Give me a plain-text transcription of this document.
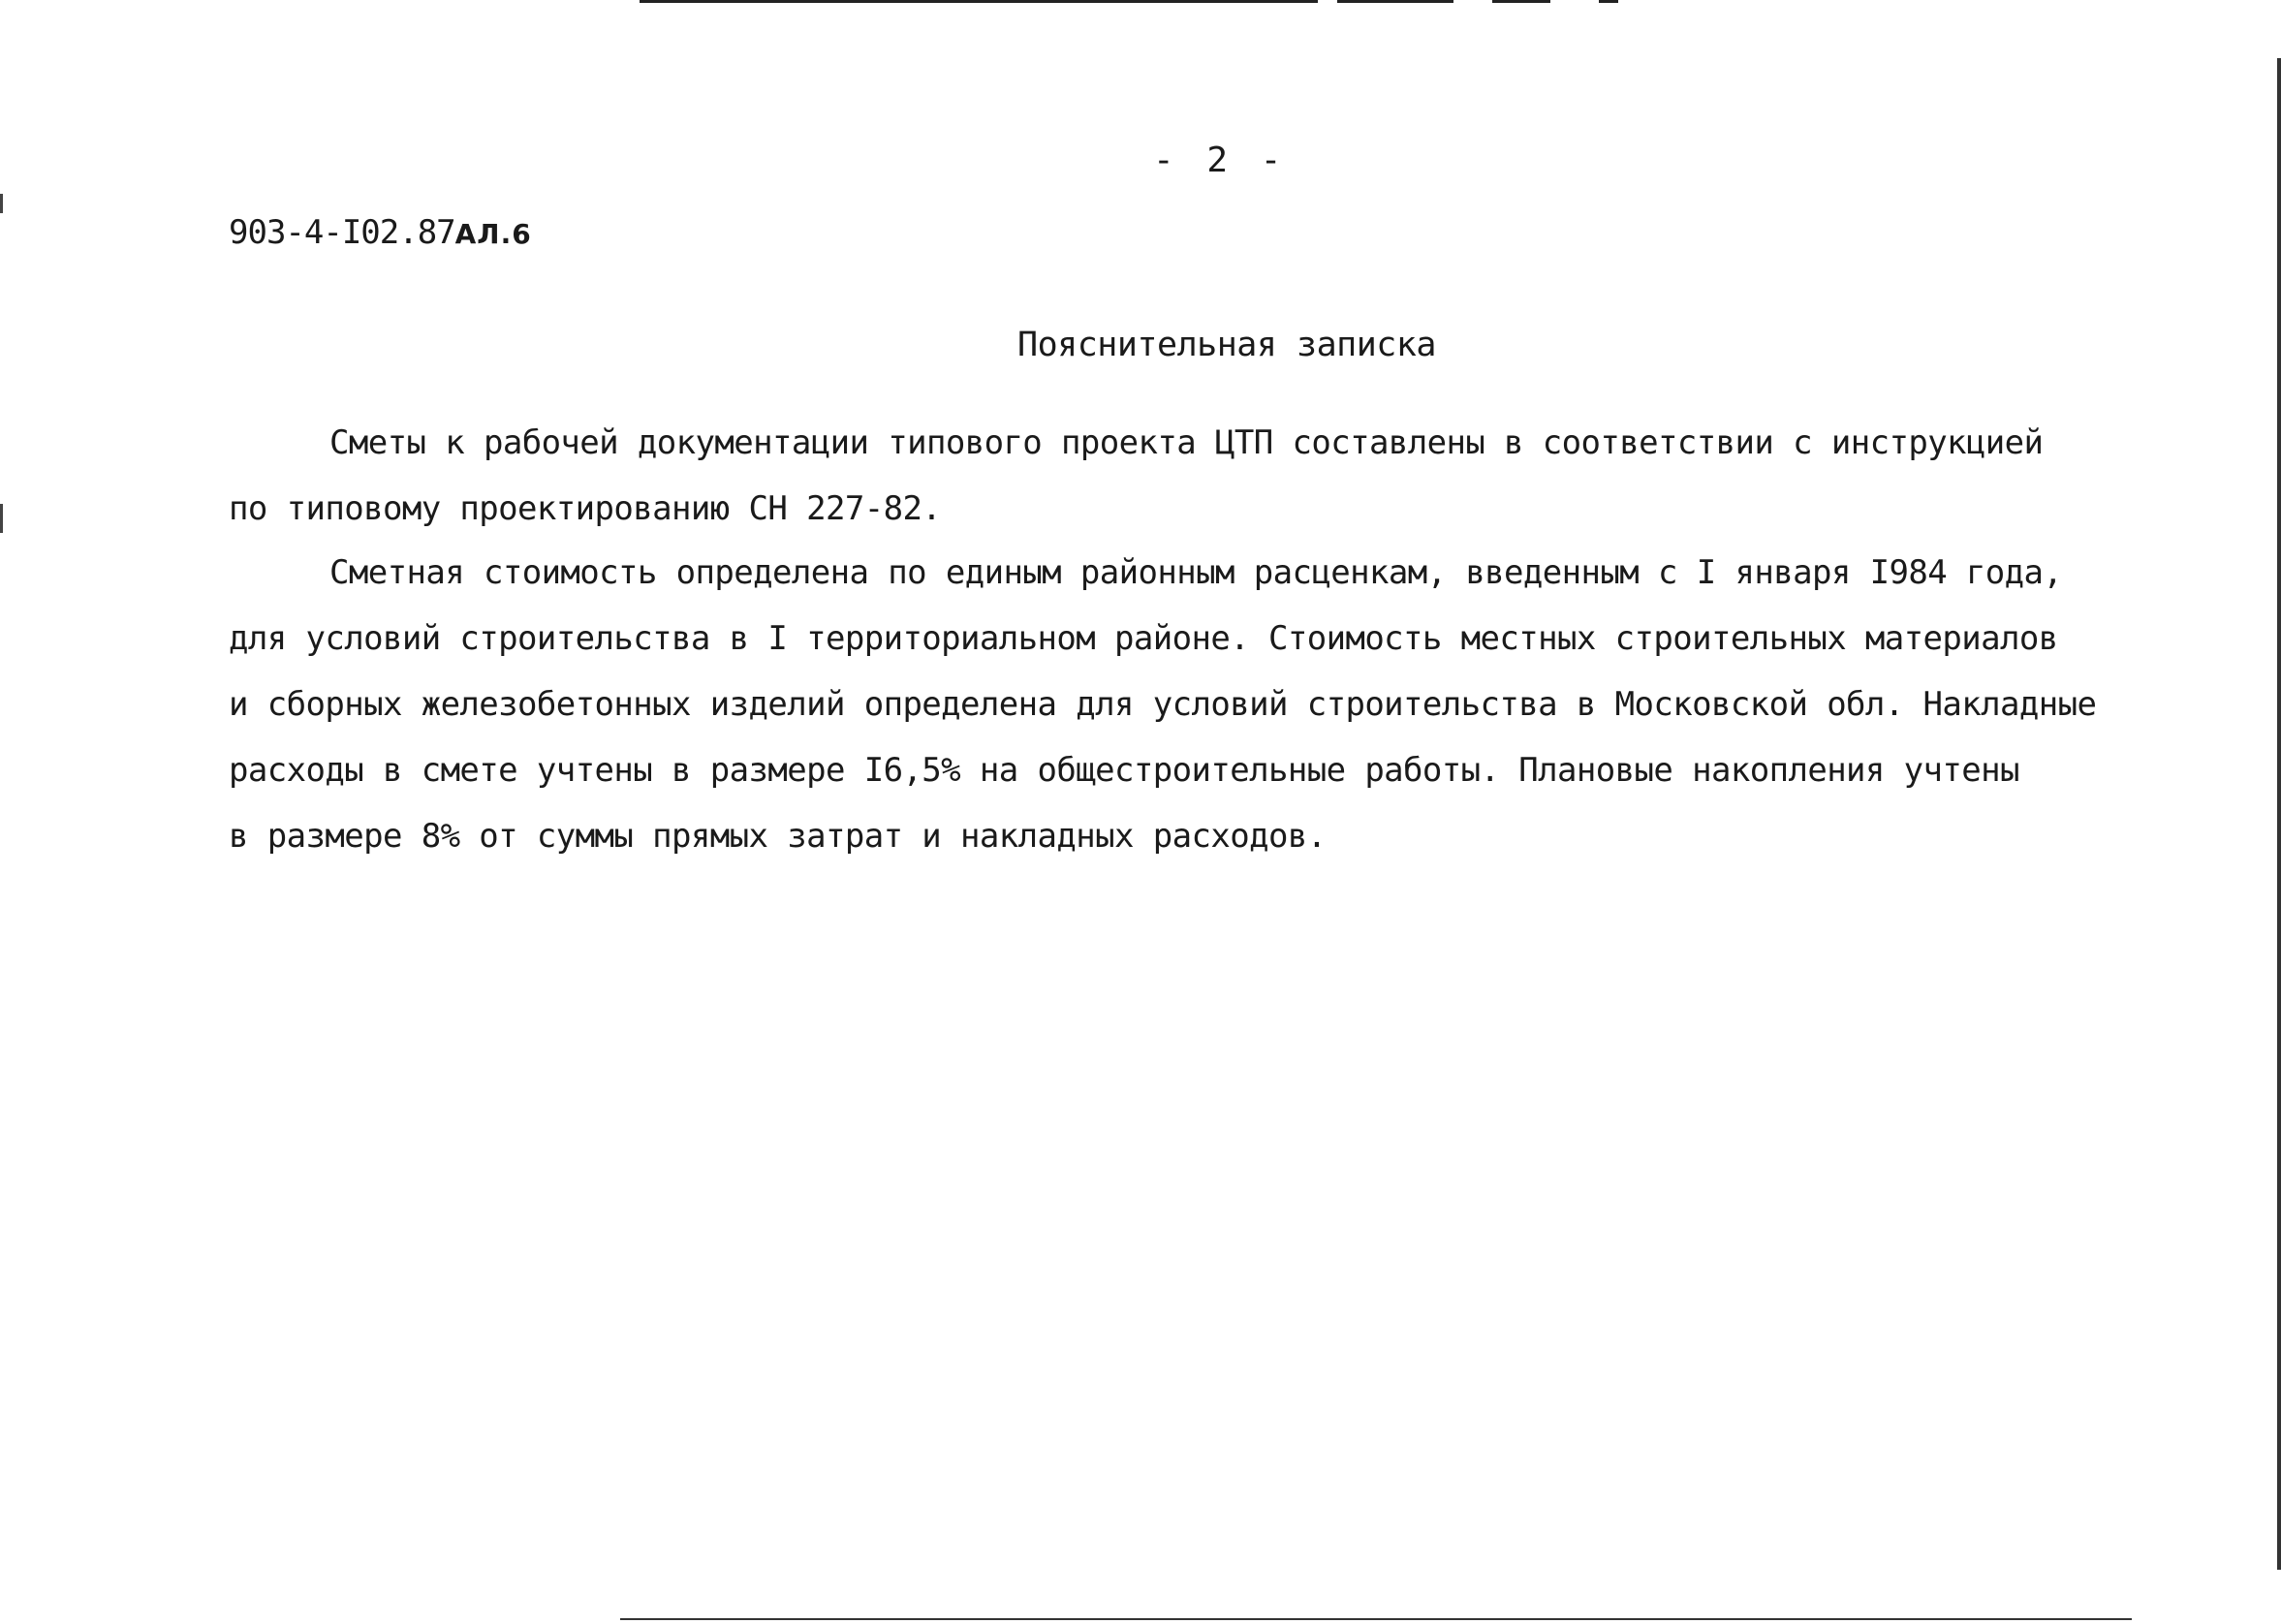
- 2 -
903-4-I02.87АЛ.6
Пояснительная записка
Сметы к рабочей документации типового проекта ЦТП составлены в соответствии с инструкцией
по типовому проектированию СН 227-82.
Сметная стоимость определена по единым районным расценкам, введенным с I января I984 года,
для условий строительства в I территориальном районе. Стоимость местных строительных материалов
и сборных железобетонных изделий определена для условий строительства в Московской обл. Накладные
расходы в смете учтены в размере I6,5% на общестроительные работы. Плановые накопления учтены
в размере 8% от суммы прямых затрат и накладных расходов.
